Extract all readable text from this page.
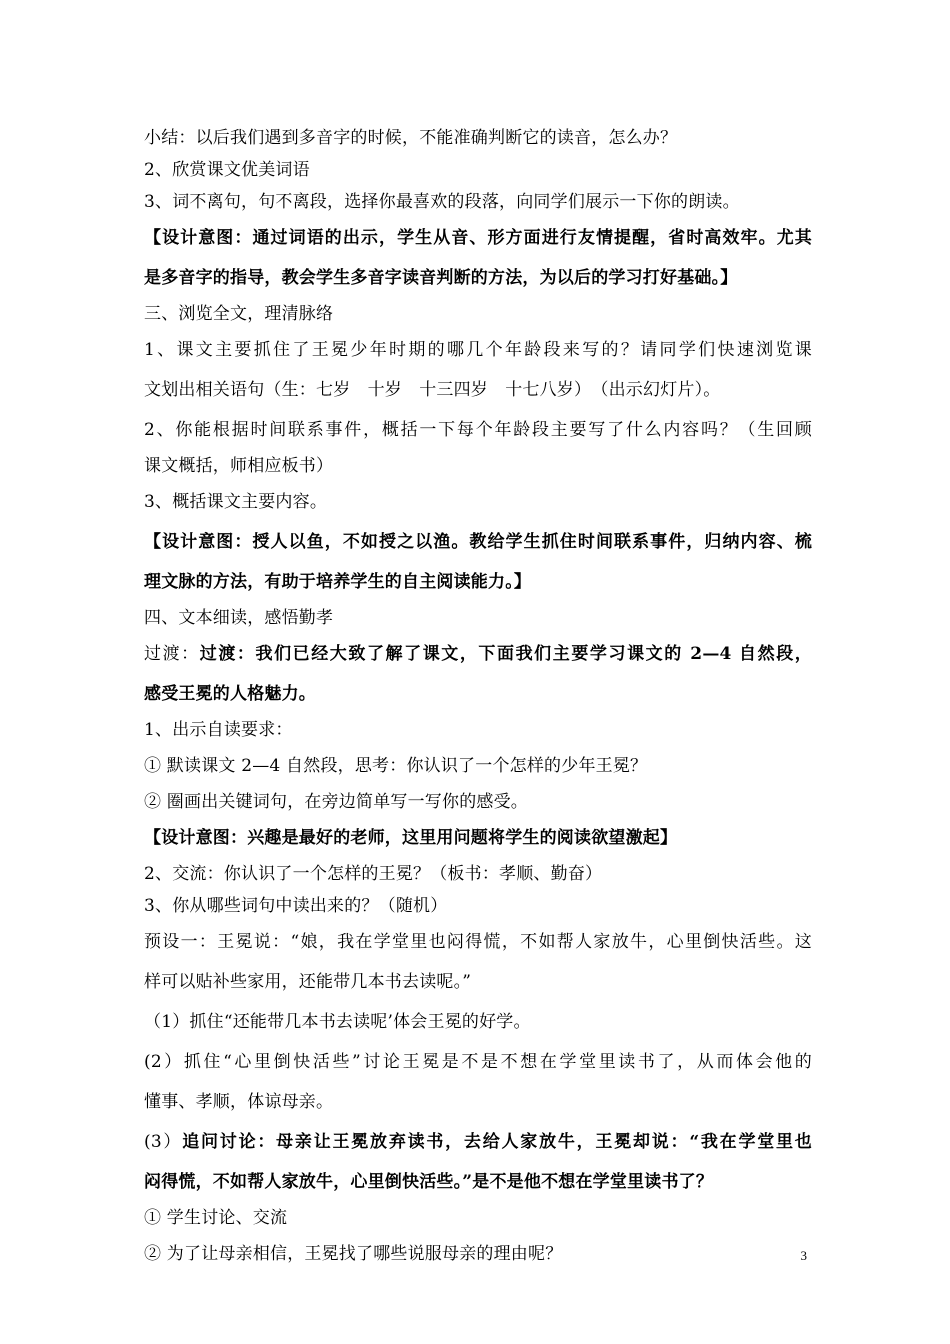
小结：以后我们遇到多音字的时候，不能准确判断它的读音，怎么办？
2、欣赏课文优美词语
3、词不离句，句不离段，选择你最喜欢的段落，向同学们展示一下你的朗读。
【设计意图：通过词语的出示，学生从音、形方面进行友情提醒，省时高效牢。尤其
是多音字的指导，教会学生多音字读音判断的方法，为以后的学习打好基础。】
三、浏览全文，理清脉络
1、课文主要抓住了王冕少年时期的哪几个年龄段来写的？请同学们快速浏览课
文划出相关语句（生：七岁　十岁　十三四岁　十七八岁）　（出示幻灯片）。
2、你能根据时间联系事件，概括一下每个年龄段主要写了什么内容吗？（生回顾
课文概括，师相应板书）
3、概括课文主要内容。
【设计意图：授人以鱼，不如授之以渔。教给学生抓住时间联系事件，归纳内容、梳
理文脉的方法，有助于培养学生的自主阅读能力。】
四、文本细读，感悟勤孝
过渡：过渡：我们已经大致了解了课文，下面我们主要学习课文的 2—4 自然段，
感受王冕的人格魅力。
1、出示自读要求：
① 默读课文 2—4 自然段，思考：你认识了一个怎样的少年王冕？
② 圈画出关键词句，在旁边简单写一写你的感受。
【设计意图：兴趣是最好的老师，这里用问题将学生的阅读欲望激起】
2、交流：你认识了一个怎样的王冕？（板书：孝顺、勤奋）
3、你从哪些词句中读出来的？（随机）
预设一：王冕说：“娘，我在学堂里也闷得慌，不如帮人家放牛，心里倒快活些。这
样可以贴补些家用，还能带几本书去读呢。”
（1）抓住“还能带几本书去读呢’体会王冕的好学。
(2）抓住“心里倒快活些”讨论王冕是不是不想在学堂里读书了，从而体会他的
懂事、孝顺，体谅母亲。
(3）追问讨论：母亲让王冕放弃读书，去给人家放牛，王冕却说：“我在学堂里也
闷得慌，不如帮人家放牛，心里倒快活些。”是不是他不想在学堂里读书了？
① 学生讨论、交流
② 为了让母亲相信，王冕找了哪些说服母亲的理由呢？	3
